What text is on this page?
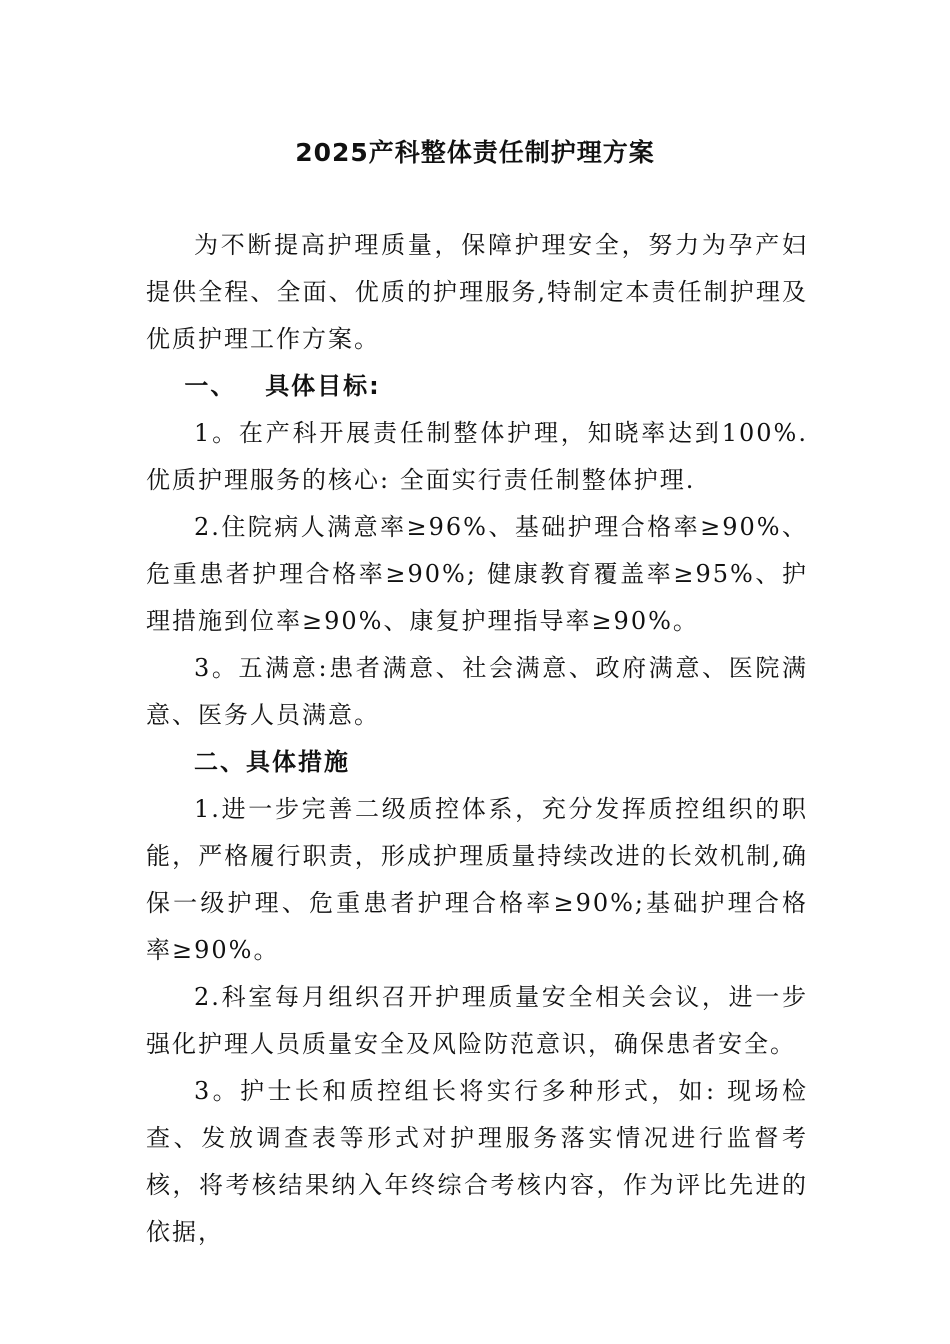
2025产科整体责任制护理方案

为不断提高护理质量，保障护理安全，努力为孕产妇提供全程、全面、优质的护理服务,特制定本责任制护理及优质护理工作方案。

一、 具体目标:

1。在产科开展责任制整体护理，知晓率达到100%.优质护理服务的核心: 全面实行责任制整体护理.

2.住院病人满意率≥96%、基础护理合格率≥90%、危重患者护理合格率≥90%; 健康教育覆盖率≥95%、护理措施到位率≥90%、康复护理指导率≥90%。

3。五满意:患者满意、社会满意、政府满意、医院满意、医务人员满意。

二、具体措施

1.进一步完善二级质控体系，充分发挥质控组织的职能，严格履行职责，形成护理质量持续改进的长效机制,确保一级护理、危重患者护理合格率≥90%;基础护理合格率≥90%。

2.科室每月组织召开护理质量安全相关会议，进一步强化护理人员质量安全及风险防范意识，确保患者安全。

3。护士长和质控组长将实行多种形式，如: 现场检查、发放调查表等形式对护理服务落实情况进行监督考核，将考核结果纳入年终综合考核内容，作为评比先进的依据，
